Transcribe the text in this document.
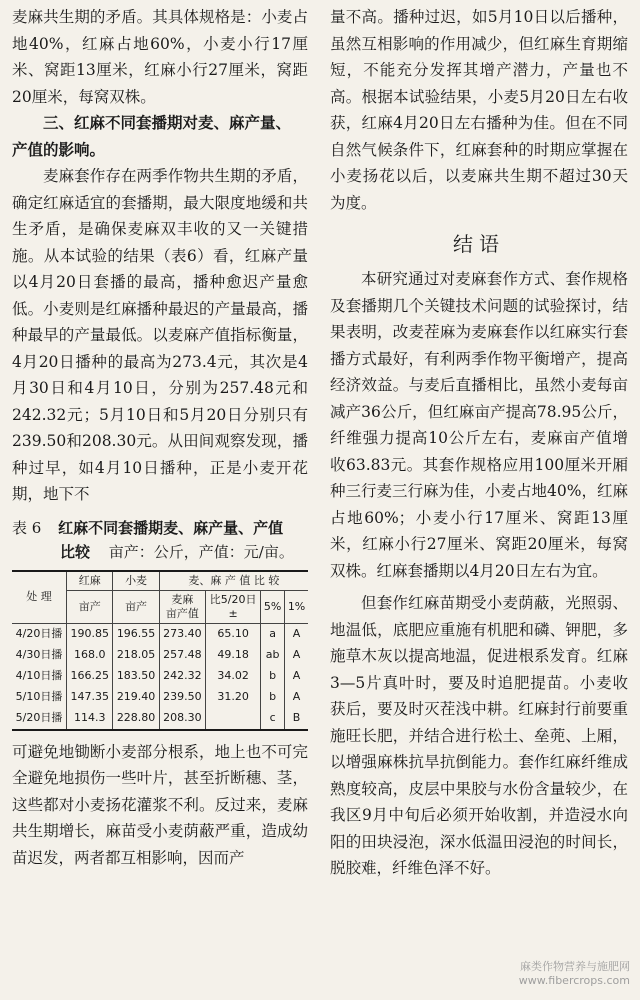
麦麻共生期的矛盾。其具体规格是：小麦占地40%，红麻占地60%，小麦小行17厘米、窝距13厘米，红麻小行27厘米，窝距20厘米，每窝双株。

三、红麻不同套播期对麦、麻产量、

产值的影响。

麦麻套作存在两季作物共生期的矛盾，确定红麻适宜的套播期，最大限度地缓和共生矛盾，是确保麦麻双丰收的又一关键措施。从本试验的结果（表6）看，红麻产量以4月20日套播的最高，播种愈迟产量愈低。小麦则是红麻播种最迟的产量最高，播种最早的产量最低。以麦麻产值指标衡量，4月20日播种的最高为273.4元，其次是4月30日和4月10日，分别为257.48元和242.32元；5月10日和5月20日分别只有239.50和208.30元。从田间观察发现，播种过早，如4月10日播种，正是小麦开花期，地下不

表 6 红麻不同套播期麦、麻产量、产值
比较 亩产：公斤，产值：元/亩。
处 理	红麻	小麦	麦、麻 产 值 比 较			
	亩产	亩产	麦麻
亩产值	比5/20日
±	5%	1%
4/20日播	190.85	196.55	273.40	65.10	a	A
4/30日播	168.0	218.05	257.48	49.18	ab	A
4/10日播	166.25	183.50	242.32	34.02	b	A
5/10日播	147.35	219.40	239.50	31.20	b	A
5/20日播	114.3	228.80	208.30		c	B

可避免地锄断小麦部分根系，地上也不可完全避免地损伤一些叶片，甚至折断穗、茎，这些都对小麦扬花灌浆不利。反过来，麦麻共生期增长，麻苗受小麦荫蔽严重，造成幼苗迟发，两者都互相影响，因而产

量不高。播种过迟，如5月10日以后播种，虽然互相影响的作用减少，但红麻生育期缩短，不能充分发挥其增产潜力，产量也不高。根据本试验结果，小麦5月20日左右收获，红麻4月20日左右播种为佳。但在不同自然气候条件下，红麻套种的时期应掌握在小麦扬花以后，以麦麻共生期不超过30天为度。

结语

本研究通过对麦麻套作方式、套作规格及套播期几个关键技术问题的试验探讨，结果表明，改麦茬麻为麦麻套作以红麻实行套播方式最好，有利两季作物平衡增产，提高经济效益。与麦后直播相比，虽然小麦每亩减产36公斤，但红麻亩产提高78.95公斤，纤维强力提高10公斤左右，麦麻亩产值增收63.83元。其套作规格应用100厘米开厢种三行麦三行麻为佳，小麦占地40%，红麻占地60%；小麦小行17厘米、窝距13厘米，红麻小行27厘米、窝距20厘米，每窝双株。红麻套播期以4月20日左右为宜。

但套作红麻苗期受小麦荫蔽，光照弱、地温低，底肥应重施有机肥和磷、钾肥，多施草木灰以提高地温，促进根系发育。红麻3—5片真叶时，要及时追肥提苗。小麦收获后，要及时灭茬浅中耕。红麻封行前要重施旺长肥，并结合进行松土、垒蔸、上厢，以增强麻株抗旱抗倒能力。套作红麻纤维成熟度较高，皮层中果胶与水份含量较少，在我区9月中旬后必须开始收割，并造浸水向阳的田块浸泡，深水低温田浸泡的时间长，脱胶难，纤维色泽不好。

麻类作物营养与施肥网
www.fibercrops.com
